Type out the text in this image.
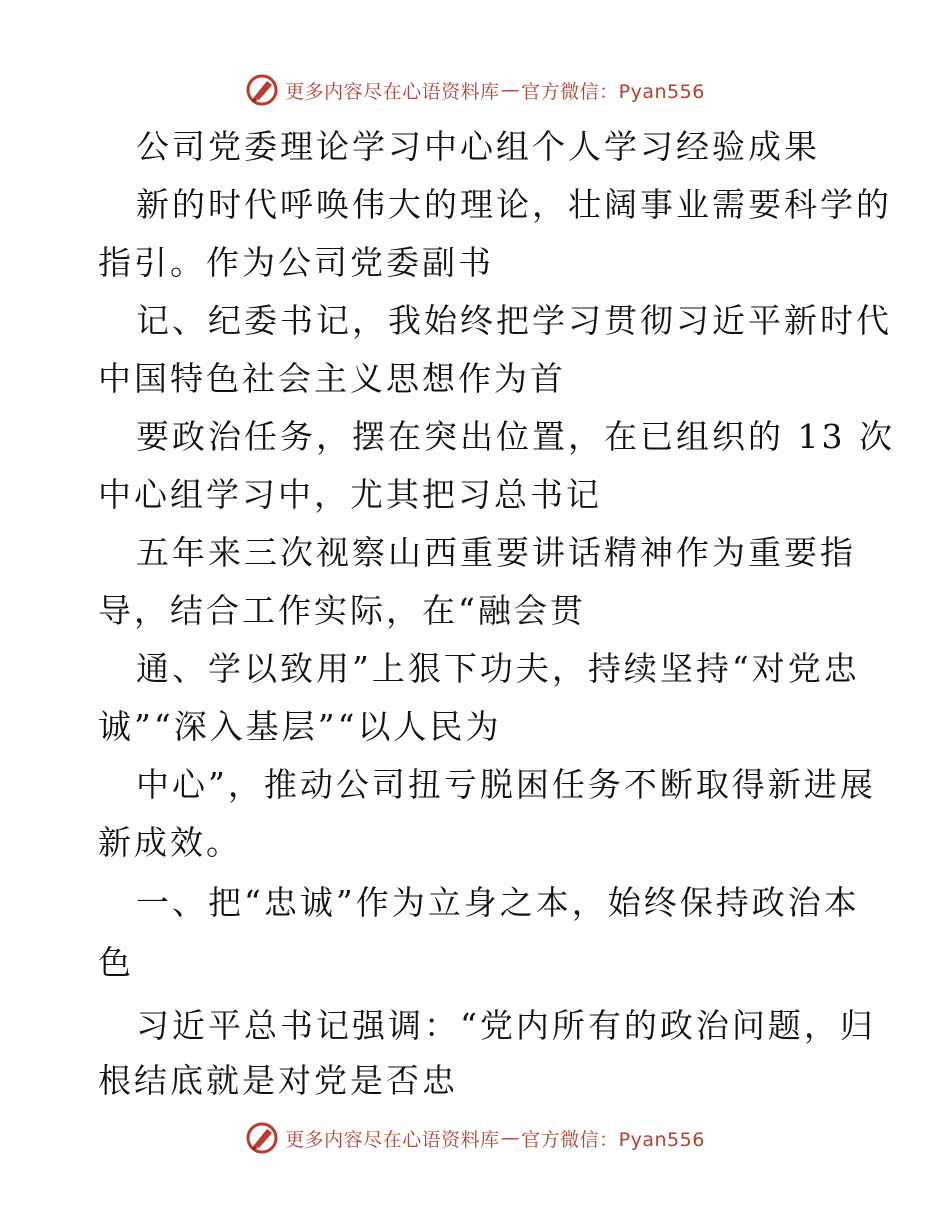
更多内容尽在心语资料库 — 官方微信：Pyan556
公司党委理论学习中心组个人学习经验成果
新的时代呼唤伟大的理论，壮阔事业需要科学的
指引。作为公司党委副书
记、纪委书记，我始终把学习贯彻习近平新时代
中国特色社会主义思想作为首
要政治任务，摆在突出位置，在已组织的 13 次
中心组学习中，尤其把习总书记
五年来三次视察山西重要讲话精神作为重要指
导，结合工作实际，在“融会贯
通、学以致用”上狠下功夫，持续坚持“对党忠
诚”“深入基层”“以人民为
中心”，推动公司扭亏脱困任务不断取得新进展
新成效。
一、把“忠诚”作为立身之本，始终保持政治本
色
习近平总书记强调：“党内所有的政治问题，归
根结底就是对党是否忠
更多内容尽在心语资料库 — 官方微信：Pyan556
